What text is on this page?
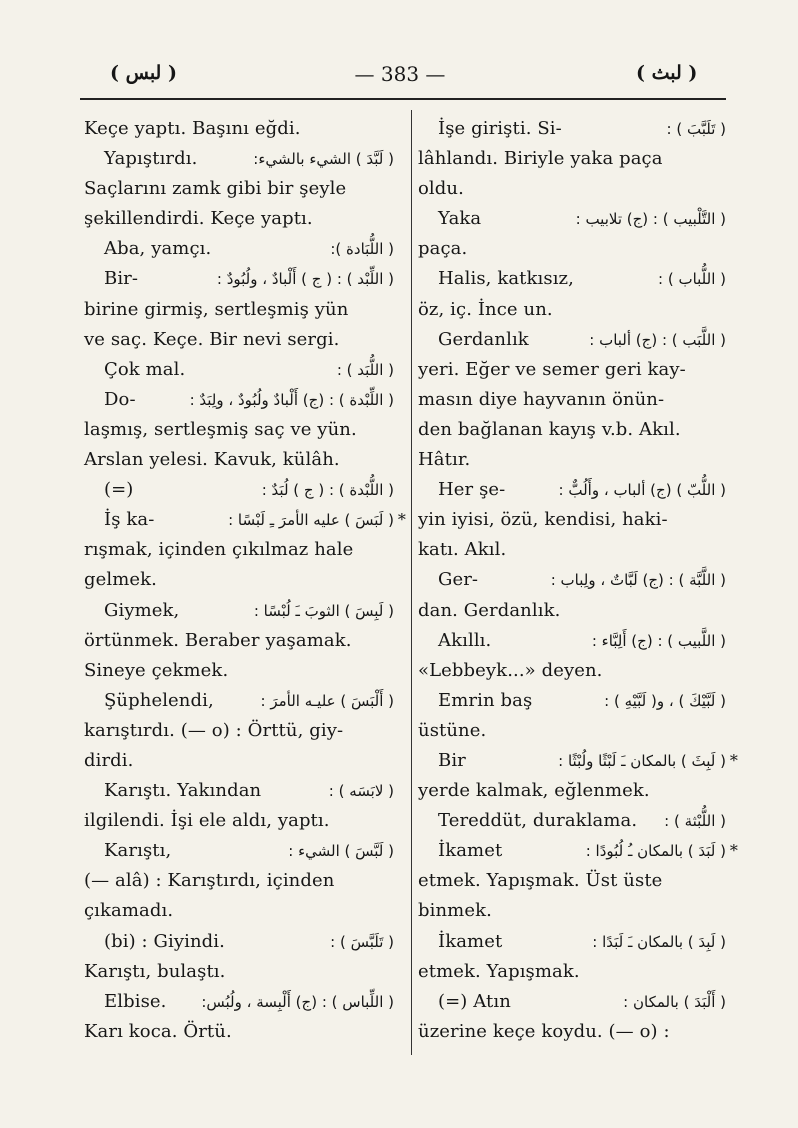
( لبس )	— 383 —	( لبث )
Keçe yaptı. Başını eğdi.
Yapıştırdı.	( لَبَّدَ ) الشيء بالشيء:
Saçlarını zamk gibi bir şeyle
şekillendirdi. Keçe yaptı.
Aba, yamçı.	( اللُّبَادة ):
Bir-	( اللِّبْد ) : ( ج ) أَلْبادٌ ، ولُبُودٌ :
birine girmiş, sertleşmiş yün
ve saç. Keçe. Bir nevi sergi.
Çok mal.	( اللُّبَد ) :
Do-	( اللِّبْدة ) : (ج) أَلْبادٌ ولُبُودٌ ، ولِبَدٌ :
laşmış, sertleşmiş saç ve yün.
Arslan yelesi. Kavuk, külâh.
(=)	( اللُّبْدة ) : ( ج ) لُبَدٌ :
İş ka-	( لَبَسَ ) عليه الأمرَ ـِ لَبْسًا : *
rışmak, içinden çıkılmaz hale
gelmek.
Giymek,	( لَبِسَ ) الثوبَ ـَ لُبْسًا :
örtünmek. Beraber yaşamak.
Sineye çekmek.
Şüphelendi,	( أَلْبَسَ ) عليـه الأمرَ :
karıştırdı. (— o) : Örttü, giy-
dirdi.
Karıştı. Yakından	( لابَسَه ) :
ilgilendi. İşi ele aldı, yaptı.
Karıştı,	( لَبَّسَ ) الشيء :
(— alâ) : Karıştırdı, içinden
çıkamadı.
(bi) : Giyindi.	( تَلَبَّسَ ) :
Karıştı, bulaştı.
Elbise. ( اللِّباس ) : (ج) أَلْبِسة ، ولُبُس:
Karı koca. Örtü.
İşe girişti. Si-	( تَلَبَّبَ ) :
lâhlandı. Biriyle yaka paça
oldu.
Yaka	( التَّلْبيب ) : (ج) تلابيب :
paça.
Halis, katkısız,	( اللُّباب ) :
öz, iç. İnce un.
Gerdanlık	( اللَّبَب ) : (ج) ألباب :
yeri. Eğer ve semer geri kay-
masın diye hayvanın önün-
den bağlanan kayış v.b. Akıl.
Hâtır.
Her şe-	( اللُّبّ ) (ج) ألباب ، وأَلُبٌّ :
yin iyisi, özü, kendisi, haki-
katı. Akıl.
Ger-	( اللَّبَّة ) : (ج) لَبَّاتٌ ، ولِباب :
dan. Gerdanlık.
Akıllı.	( اللَّبيب ) : (ج) أَلِبَّاء :
«Lebbeyk...» deyen.
Emrin baş	( لَبَّيْكَ ) ، و( لَبَّيْهِ ) :
üstüne.
Bir	( لَبِثَ ) بالمكان ـَ لَبْثًا ولُبْثًا : *
yerde kalmak, eğlenmek.
Tereddüt, duraklama. ( اللُّبْثة ) :
İkamet	( لَبَدَ ) بالمكان ـُ لُبُودًا : *
etmek. Yapışmak. Üst üste
binmek.
İkamet	( لَبِدَ ) بالمكان ـَ لَبَدًا :
etmek. Yapışmak.
(=) Atın	( أَلْبَدَ ) بالمكان :
üzerine keçe koydu. (— o) :
